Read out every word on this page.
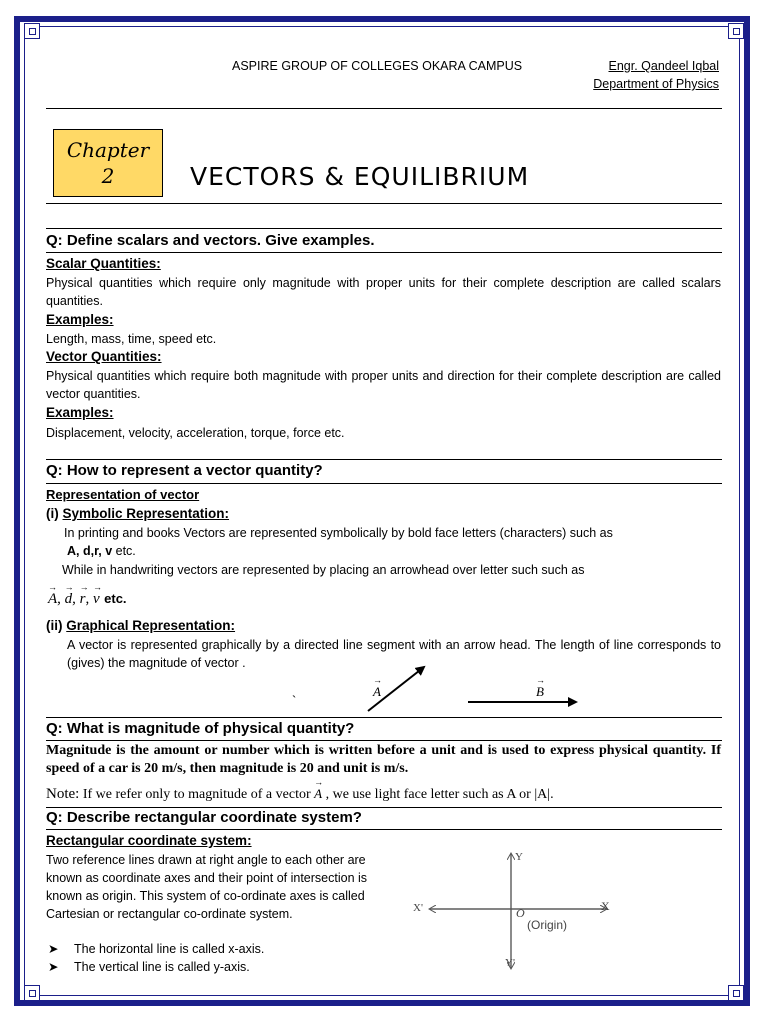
ASPIRE GROUP OF COLLEGES OKARA CAMPUS	Engr. Qandeel Iqbal
Department of Physics
Chapter
2	VECTORS & EQUILIBRIUM
Q: Define scalars and vectors. Give examples.
Scalar Quantities:
Physical quantities which require only magnitude with proper units for their complete description are called scalars quantities.
Examples:
Length, mass, time, speed etc.
Vector Quantities:
Physical quantities which require both magnitude with proper units and direction for their complete description are called vector quantities.
Examples:
Displacement, velocity, acceleration, torque, force etc.
Q: How to represent a vector quantity?
Representation of vector
(i) Symbolic Representation:
In printing and books Vectors are represented symbolically by bold face letters (characters) such as
A, d,r, v etc.
While in handwriting vectors are represented by placing an arrowhead over letter such such as
→ A, → d, → r, → v etc.
(ii) Graphical Representation:
A vector is represented graphically by a directed line segment with an arrow head. The length of line corresponds to (gives) the magnitude of vector .
`
→ A
→	B
Q: What is magnitude of physical quantity?
Magnitude is the amount or number which is written before a unit and is used to express physical quantity. If speed of a car is 20 m/s, then magnitude is 20 and unit is m/s.
Note: If we refer only to magnitude of a vector → A , we use light face letter such as A or |A|.
Q: Describe rectangular coordinate system?
Rectangular coordinate system:
Two reference lines drawn at right angle to each other are known as coordinate axes and their point of intersection is known as origin. This system of co-ordinate axes is called Cartesian or rectangular co-ordinate system.
➤ The horizontal line is called x-axis.
➤ The vertical line is called y-axis.
Y
Y'
X
X'	O
(Origin)
